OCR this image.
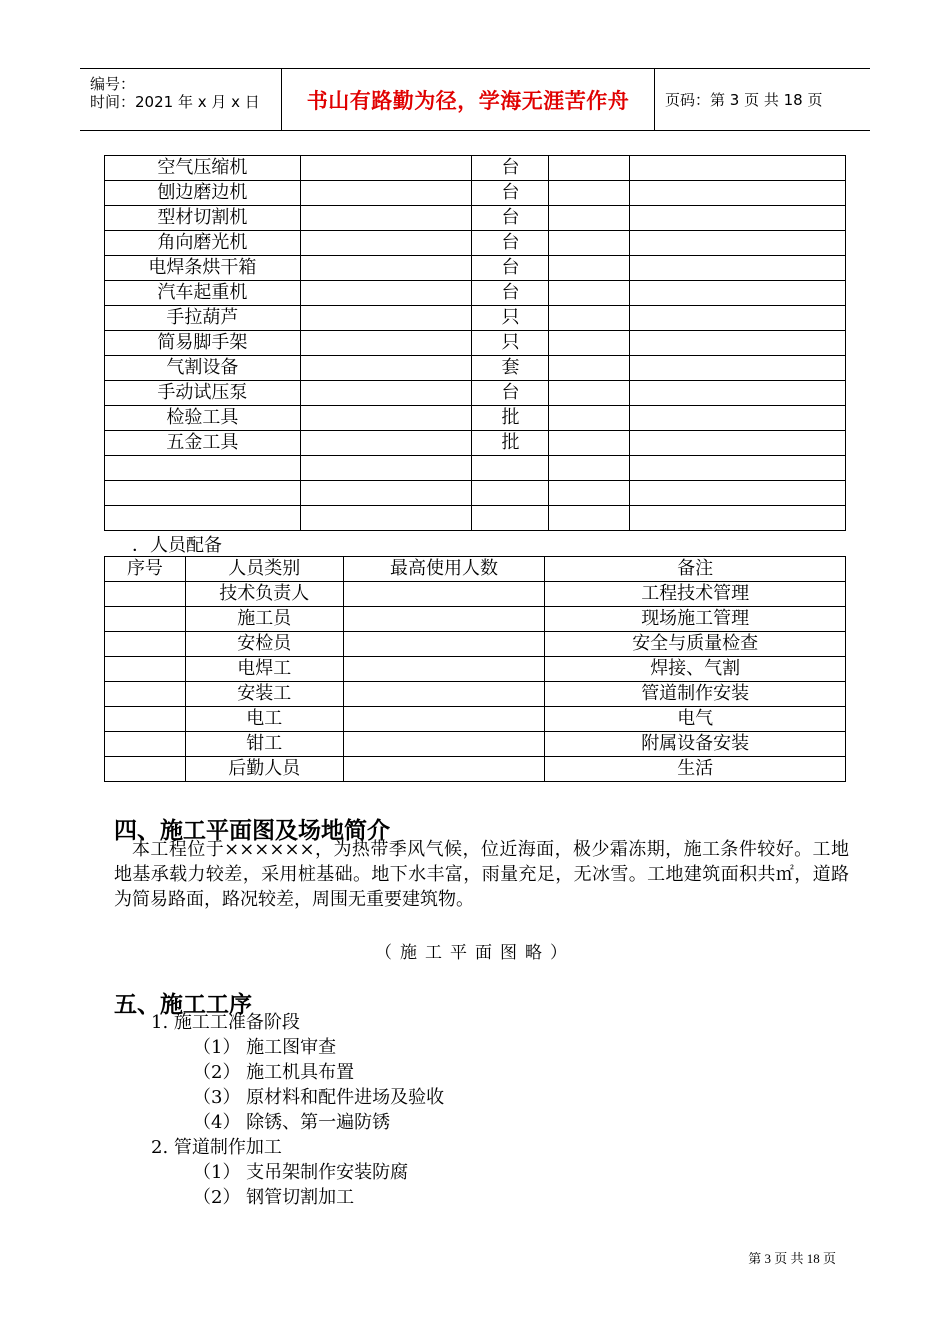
编号：
时间：2021 年 x 月 x 日 书山有路勤为径，学海无涯苦作舟 页码：第 3 页 共 18 页
空气压缩机		台		
刨边磨边机		台		
型材切割机		台		
角向磨光机		台		
电焊条烘干箱		台		
汽车起重机		台		
手拉葫芦		只		
简易脚手架		只		
气割设备		套		
手动试压泵		台		
检验工具		批		
五金工具		批		

．人员配备
序号	人员类别	最高使用人数	备注
	技术负责人		工程技术管理
	施工员		现场施工管理
	安检员		安全与质量检查
	电焊工		焊接、气割
	安装工		管道制作安装
	电工		电气
	钳工		附属设备安装
	后勤人员		生活
四、施工平面图及场地简介
本工程位于××××××，为热带季风气候，位近海面，极少霜冻期，施工条件较好。工地地基承载力较差，采用桩基础。地下水丰富，雨量充足，无冰雪。工地建筑面积共㎡，道路为简易路面，路况较差，周围无重要建筑物。
（施工平面图略）
五、施工工序
1. 施工工准备阶段
（1） 施工图审查
（2） 施工机具布置
（3） 原材料和配件进场及验收
（4） 除锈、第一遍防锈
2. 管道制作加工
（1） 支吊架制作安装防腐
（2） 钢管切割加工
第 3 页 共 18 页
